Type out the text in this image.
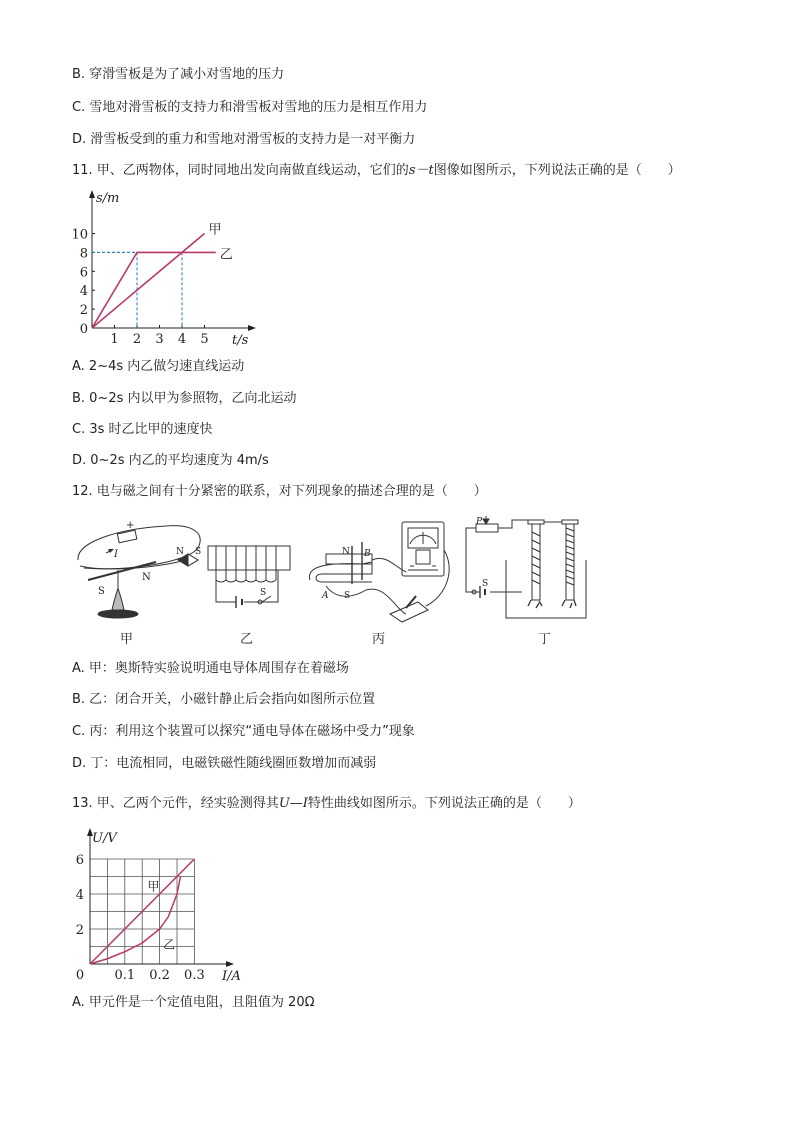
B. 穿滑雪板是为了减小对雪地的压力
C. 雪地对滑雪板的支持力和滑雪板对雪地的压力是相互作用力
D. 滑雪板受到的重力和雪地对滑雪板的支持力是一对平衡力
11. 甲、乙两物体，同时同地出发向南做直线运动，它们的s－t图像如图所示，下列说法正确的是（　　）
1 2 3 4 5
2
4
6
8
10
0
s/m
t/s
甲
乙
A. 2~4s 内乙做匀速直线运动
B. 0~2s 内以甲为参照物，乙向北运动
C. 3s 时乙比甲的速度快
D. 0~2s 内乙的平均速度为 4m/s
12. 电与磁之间有十分紧密的联系，对下列现象的描述合理的是（　　）
+
I
S
N
N S
S
N B
A S
P
S
甲	乙	丙	丁
A. 甲：奥斯特实验说明通电导体周围存在着磁场
B. 乙：闭合开关，小磁针静止后会指向如图所示位置
C. 丙：利用这个装置可以探究“通电导体在磁场中受力”现象
D. 丁：电流相同，电磁铁磁性随线圈匝数增加而减弱
13. 甲、乙两个元件，经实验测得其U—I特性曲线如图所示。下列说法正确的是（　　）
0.1 0.2 0.3
2
4
6
0
U/V
I/A
甲
乙
A. 甲元件是一个定值电阻，且阻值为 20Ω
